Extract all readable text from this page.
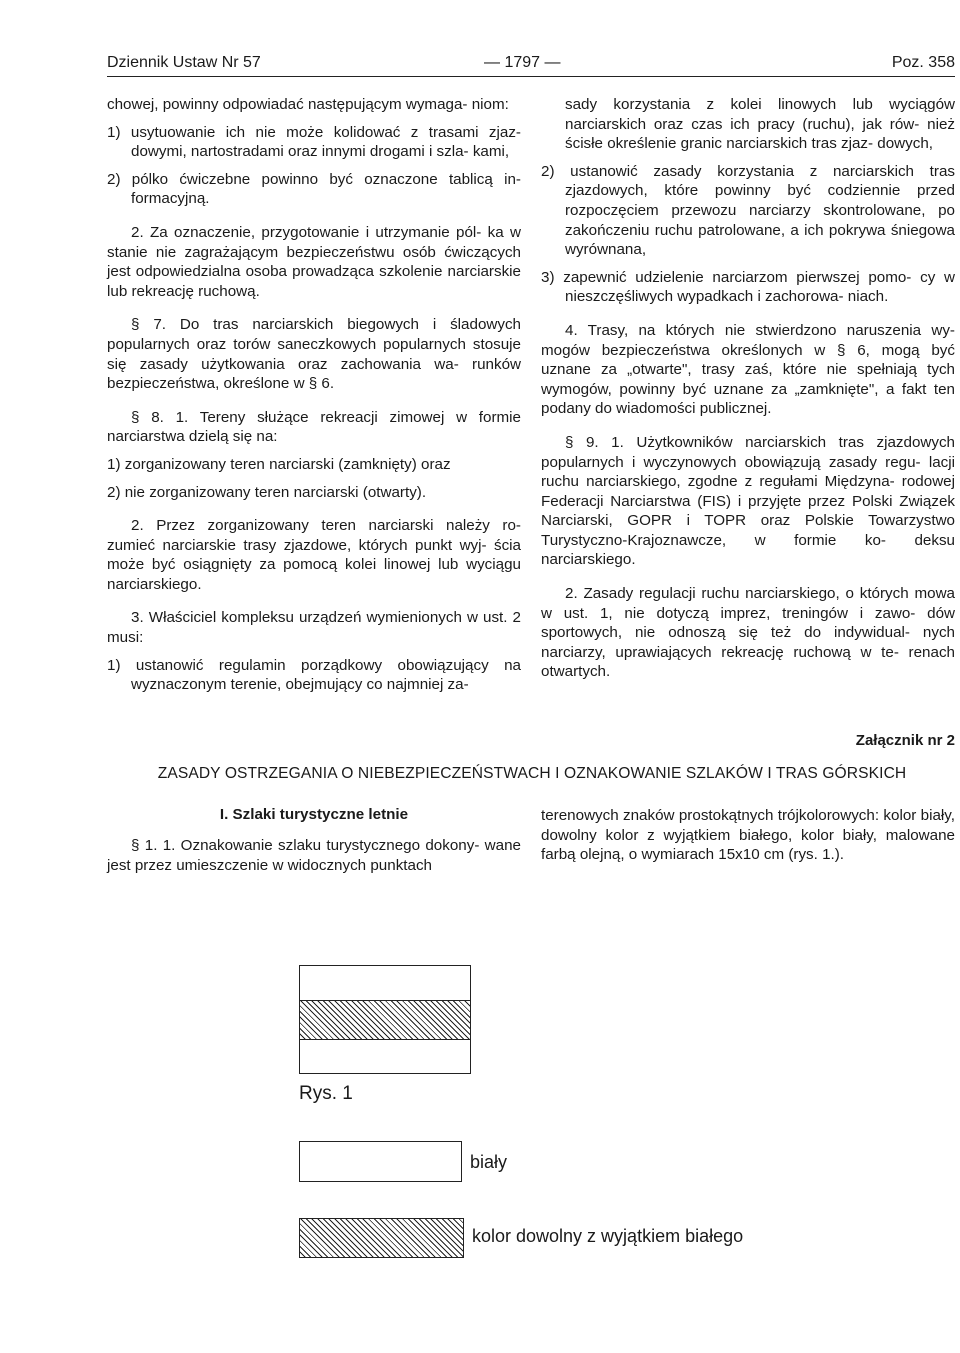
Dziennik Ustaw Nr 57	— 1797 —	Poz. 358

chowej, powinny odpowiadać następującym wymaga- niom:

1) usytuowanie ich nie może kolidować z trasami zjaz- dowymi, nartostradami oraz innymi drogami i szla- kami,

2) pólko ćwiczebne powinno być oznaczone tablicą in- formacyjną.

2. Za oznaczenie, przygotowanie i utrzymanie pól- ka w stanie nie zagrażającym bezpieczeństwu osób ćwiczących jest odpowiedzialna osoba prowadząca szkolenie narciarskie lub rekreację ruchową.

§ 7. Do tras narciarskich biegowych i śladowych popularnych oraz torów saneczkowych popularnych stosuje się zasady użytkowania oraz zachowania wa- runków bezpieczeństwa, określone w § 6.

§ 8. 1. Tereny służące rekreacji zimowej w formie narciarstwa dzielą się na:

1) zorganizowany teren narciarski (zamknięty) oraz

2) nie zorganizowany teren narciarski (otwarty).

2. Przez zorganizowany teren narciarski należy ro- zumieć narciarskie trasy zjazdowe, których punkt wyj- ścia może być osiągnięty za pomocą kolei linowej lub wyciągu narciarskiego.

3. Właściciel kompleksu urządzeń wymienionych w ust. 2 musi:

1) ustanowić regulamin porządkowy obowiązujący na wyznaczonym terenie, obejmujący co najmniej za-

sady korzystania z kolei linowych lub wyciągów narciarskich oraz czas ich pracy (ruchu), jak rów- nież ścisłe określenie granic narciarskich tras zjaz- dowych,

2) ustanowić zasady korzystania z narciarskich tras zjazdowych, które powinny być codziennie przed rozpoczęciem przewozu narciarzy skontrolowane, po zakończeniu ruchu patrolowane, a ich pokrywa śniegowa wyrównana,

3) zapewnić udzielenie narciarzom pierwszej pomo- cy w nieszczęśliwych wypadkach i zachorowa- niach.

4. Trasy, na których nie stwierdzono naruszenia wy- mogów bezpieczeństwa określonych w § 6, mogą być uznane za „otwarte", trasy zaś, które nie spełniają tych wymogów, powinny być uznane za „zamknięte", a fakt ten podany do wiadomości publicznej.

§ 9. 1. Użytkowników narciarskich tras zjazdowych popularnych i wyczynowych obowiązują zasady regu- lacji ruchu narciarskiego, zgodne z regułami Międzyna- rodowej Federacji Narciarstwa (FIS) i przyjęte przez Polski Związek Narciarski, GOPR i TOPR oraz Polskie Towarzystwo Turystyczno-Krajoznawcze, w formie ko- deksu narciarskiego.

2. Zasady regulacji ruchu narciarskiego, o których mowa w ust. 1, nie dotyczą imprez, treningów i zawo- dów sportowych, nie odnoszą się też do indywidual- nych narciarzy, uprawiających rekreację ruchową w te- renach otwartych.

Załącznik nr 2
ZASADY OSTRZEGANIA O NIEBEZPIECZEŃSTWACH I OZNAKOWANIE SZLAKÓW I TRAS GÓRSKICH
I. Szlaki turystyczne letnie

§ 1. 1. Oznakowanie szlaku turystycznego dokony- wane jest przez umieszczenie w widocznych punktach

terenowych znaków prostokątnych trójkolorowych: kolor biały, dowolny kolor z wyjątkiem białego, kolor biały, malowane farbą olejną, o wymiarach 15x10 cm (rys. 1.).

Rys. 1
biały
kolor dowolny z wyjątkiem białego
